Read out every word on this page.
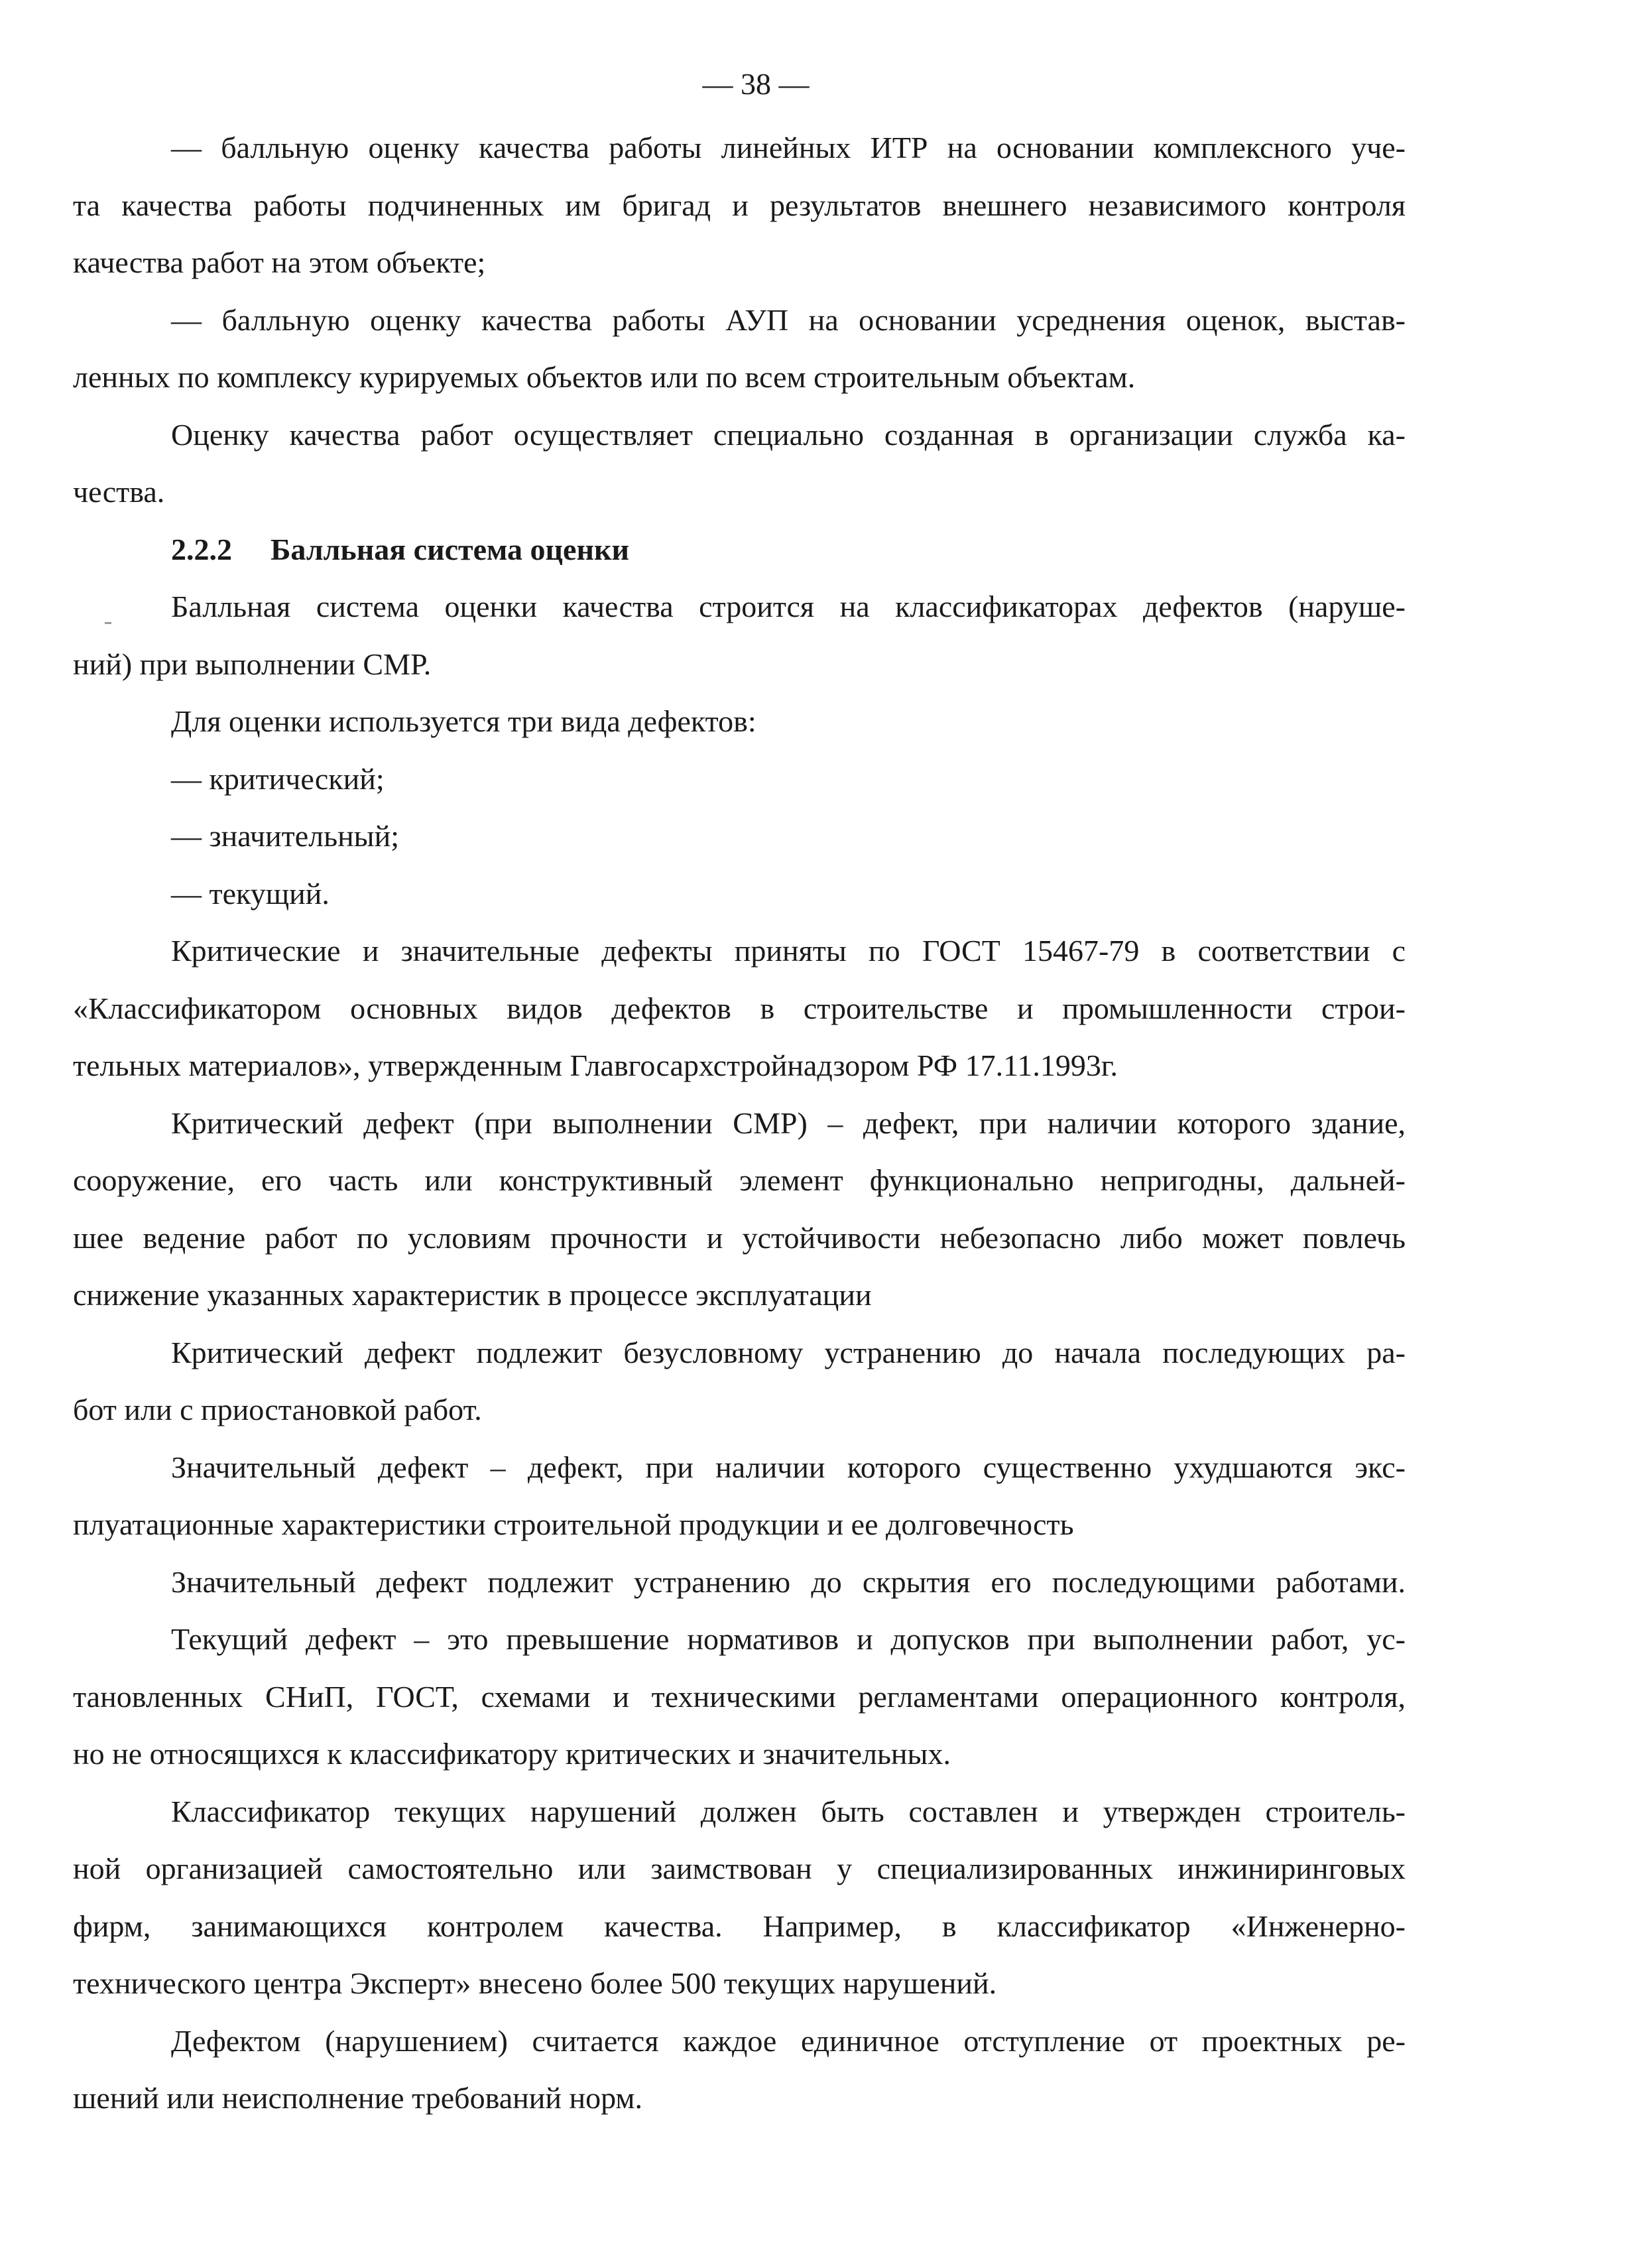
— 38 —
— балльную оценку качества работы линейных ИТР на основании комплексного уче-
та качества работы подчиненных им бригад и результатов внешнего независимого контроля
качества работ на этом объекте;
— балльную оценку качества работы АУП на основании усреднения оценок, выстав-
ленных по комплексу курируемых объектов или по всем строительным объектам.
Оценку качества работ осуществляет специально созданная в организации служба ка-
чества.
2.2.2 Балльная система оценки
Балльная система оценки качества строится на классификаторах дефектов (наруше-
ний) при выполнении СМР.
Для оценки используется три вида дефектов:
— критический;
— значительный;
— текущий.
Критические и значительные дефекты приняты по ГОСТ 15467-79 в соответствии с
«Классификатором основных видов дефектов в строительстве и промышленности строи-
тельных материалов», утвержденным Главгосархстройнадзором РФ 17.11.1993г.
Критический дефект (при выполнении СМР) – дефект, при наличии которого здание,
сооружение, его часть или конструктивный элемент функционально непригодны, дальней-
шее ведение работ по условиям прочности и устойчивости небезопасно либо может повлечь
снижение указанных характеристик в процессе эксплуатации
Критический дефект подлежит безусловному устранению до начала последующих ра-
бот или с приостановкой работ.
Значительный дефект – дефект, при наличии которого существенно ухудшаются экс-
плуатационные характеристики строительной продукции и ее долговечность
Значительный дефект подлежит устранению до скрытия его последующими работами.
Текущий дефект – это превышение нормативов и допусков при выполнении работ, ус-
тановленных СНиП, ГОСТ, схемами и техническими регламентами операционного контроля,
но не относящихся к классификатору критических и значительных.
Классификатор текущих нарушений должен быть составлен и утвержден строитель-
ной организацией самостоятельно или заимствован у специализированных инжиниринговых
фирм, занимающихся контролем качества. Например, в классификатор «Инженерно-
технического центра Эксперт» внесено более 500 текущих нарушений.
Дефектом (нарушением) считается каждое единичное отступление от проектных ре-
шений или неисполнение требований норм.
